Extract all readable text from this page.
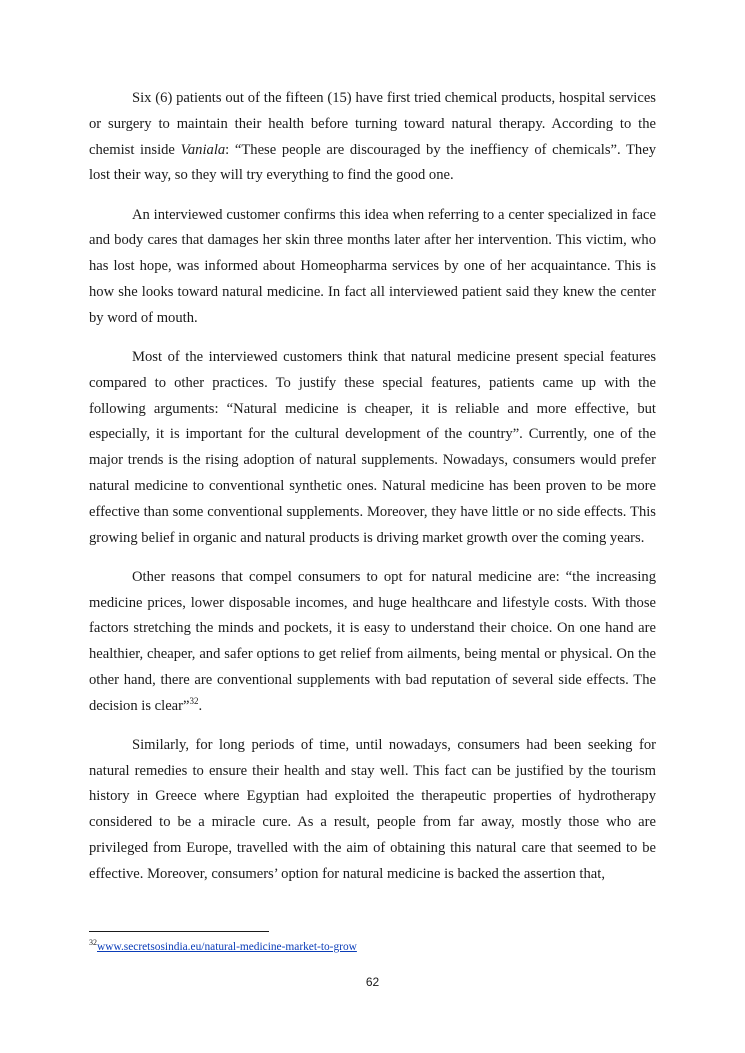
Six (6) patients out of the fifteen (15) have first tried chemical products, hospital services or surgery to maintain their health before turning toward natural therapy. According to the chemist inside Vaniala: “These people are discouraged by the ineffiency of chemicals”. They lost their way, so they will try everything to find the good one.

An interviewed customer confirms this idea when referring to a center specialized in face and body cares that damages her skin three months later after her intervention. This victim, who has lost hope, was informed about Homeopharma services by one of her acquaintance. This is how she looks toward natural medicine. In fact all interviewed patient said they knew the center by word of mouth.

Most of the interviewed customers think that natural medicine present special features compared to other practices. To justify these special features, patients came up with the following arguments: “Natural medicine is cheaper, it is reliable and more effective, but especially, it is important for the cultural development of the country”. Currently, one of the major trends is the rising adoption of natural supplements. Nowadays, consumers would prefer natural medicine to conventional synthetic ones. Natural medicine has been proven to be more effective than some conventional supplements. Moreover, they have little or no side effects. This growing belief in organic and natural products is driving market growth over the coming years.

Other reasons that compel consumers to opt for natural medicine are: “the increasing medicine prices, lower disposable incomes, and huge healthcare and lifestyle costs. With those factors stretching the minds and pockets, it is easy to understand their choice. On one hand are healthier, cheaper, and safer options to get relief from ailments, being mental or physical. On the other hand, there are conventional supplements with bad reputation of several side effects. The decision is clear”$^{32}$.

Similarly, for long periods of time, until nowadays, consumers had been seeking for natural remedies to ensure their health and stay well. This fact can be justified by the tourism history in Greece where Egyptian had exploited the therapeutic properties of hydrotherapy considered to be a miracle cure. As a result, people from far away, mostly those who are privileged from Europe, travelled with the aim of obtaining this natural care that seemed to be effective. Moreover, consumers’ option for natural medicine is backed the assertion that,

$^{32}$www.secretsosindia.eu/natural-medicine-market-to-grow
62
